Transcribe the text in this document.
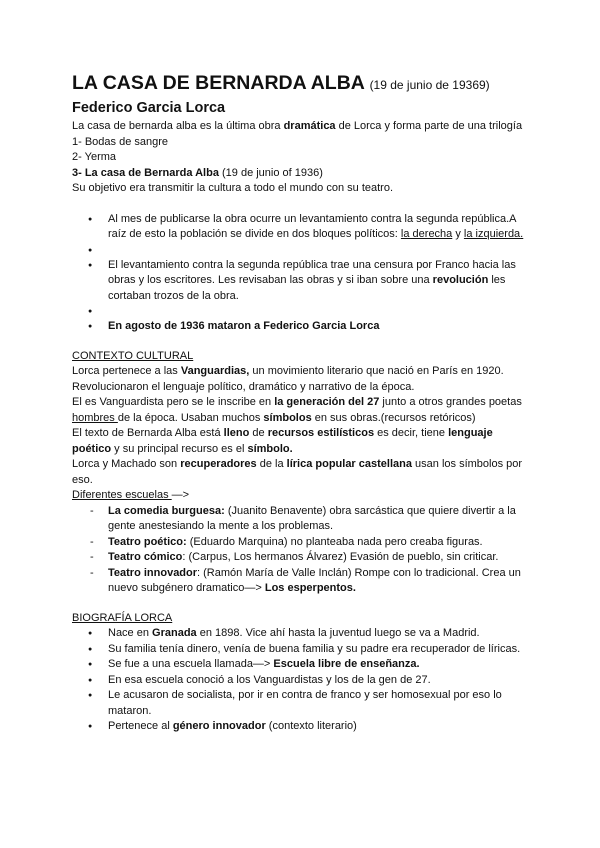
LA CASA DE BERNARDA ALBA (19 de junio de 19369)
Federico Garcia Lorca
La casa de bernarda alba es la última obra dramática de Lorca y forma parte de una trilogía
1- Bodas de sangre
2- Yerma
3- La casa de Bernarda Alba (19 de junio of 1936)
Su objetivo era transmitir la cultura a todo el mundo con su teatro.
● Al mes de publicarse la obra ocurre un levantamiento contra la segunda república.A raíz de esto la población se divide en dos bloques políticos: la derecha y la izquierda.
●
● El levantamiento contra la segunda república trae una censura por Franco hacia las obras y los escritores. Les revisaban las obras y si iban sobre una revolución les cortaban trozos de la obra.
●
● En agosto de 1936 mataron a Federico Garcia Lorca
CONTEXTO CULTURAL

Lorca pertenece a las Vanguardias, un movimiento literario que nació en París en 1920. Revolucionaron el lenguaje político, dramático y narrativo de la época.

El es Vanguardista pero se le inscribe en la generación del 27 junto a otros grandes poetas hombres de la época. Usaban muchos símbolos en sus obras.(recursos retóricos)

El texto de Bernarda Alba está lleno de recursos estilísticos es decir, tiene lenguaje poético y su principal recurso es el símbolo.

Lorca y Machado son recuperadores de la lírica popular castellana usan los símbolos por eso.

Diferentes escuelas —>

- La comedia burguesa: (Juanito Benavente) obra sarcástica que quiere divertir a la gente anestesiando la mente a los problemas.
- Teatro poético: (Eduardo Marquina) no planteaba nada pero creaba figuras.
- Teatro cómico: (Carpus, Los hermanos Álvarez) Evasión de pueblo, sin criticar.
- Teatro innovador: (Ramón María de Valle Inclán) Rompe con lo tradicional. Crea un nuevo subgénero dramatico—> Los esperpentos.
BIOGRAFÍA LORCA
● Nace en Granada en 1898. Vice ahí hasta la juventud luego se va a Madrid.
● Su familia tenía dinero, venía de buena familia y su padre era recuperador de líricas.
● Se fue a una escuela llamada—> Escuela libre de enseñanza.
● En esa escuela conoció a los Vanguardistas y los de la gen de 27.
● Le acusaron de socialista, por ir en contra de franco y ser homosexual por eso lo mataron.
● Pertenece al género innovador (contexto literario)
